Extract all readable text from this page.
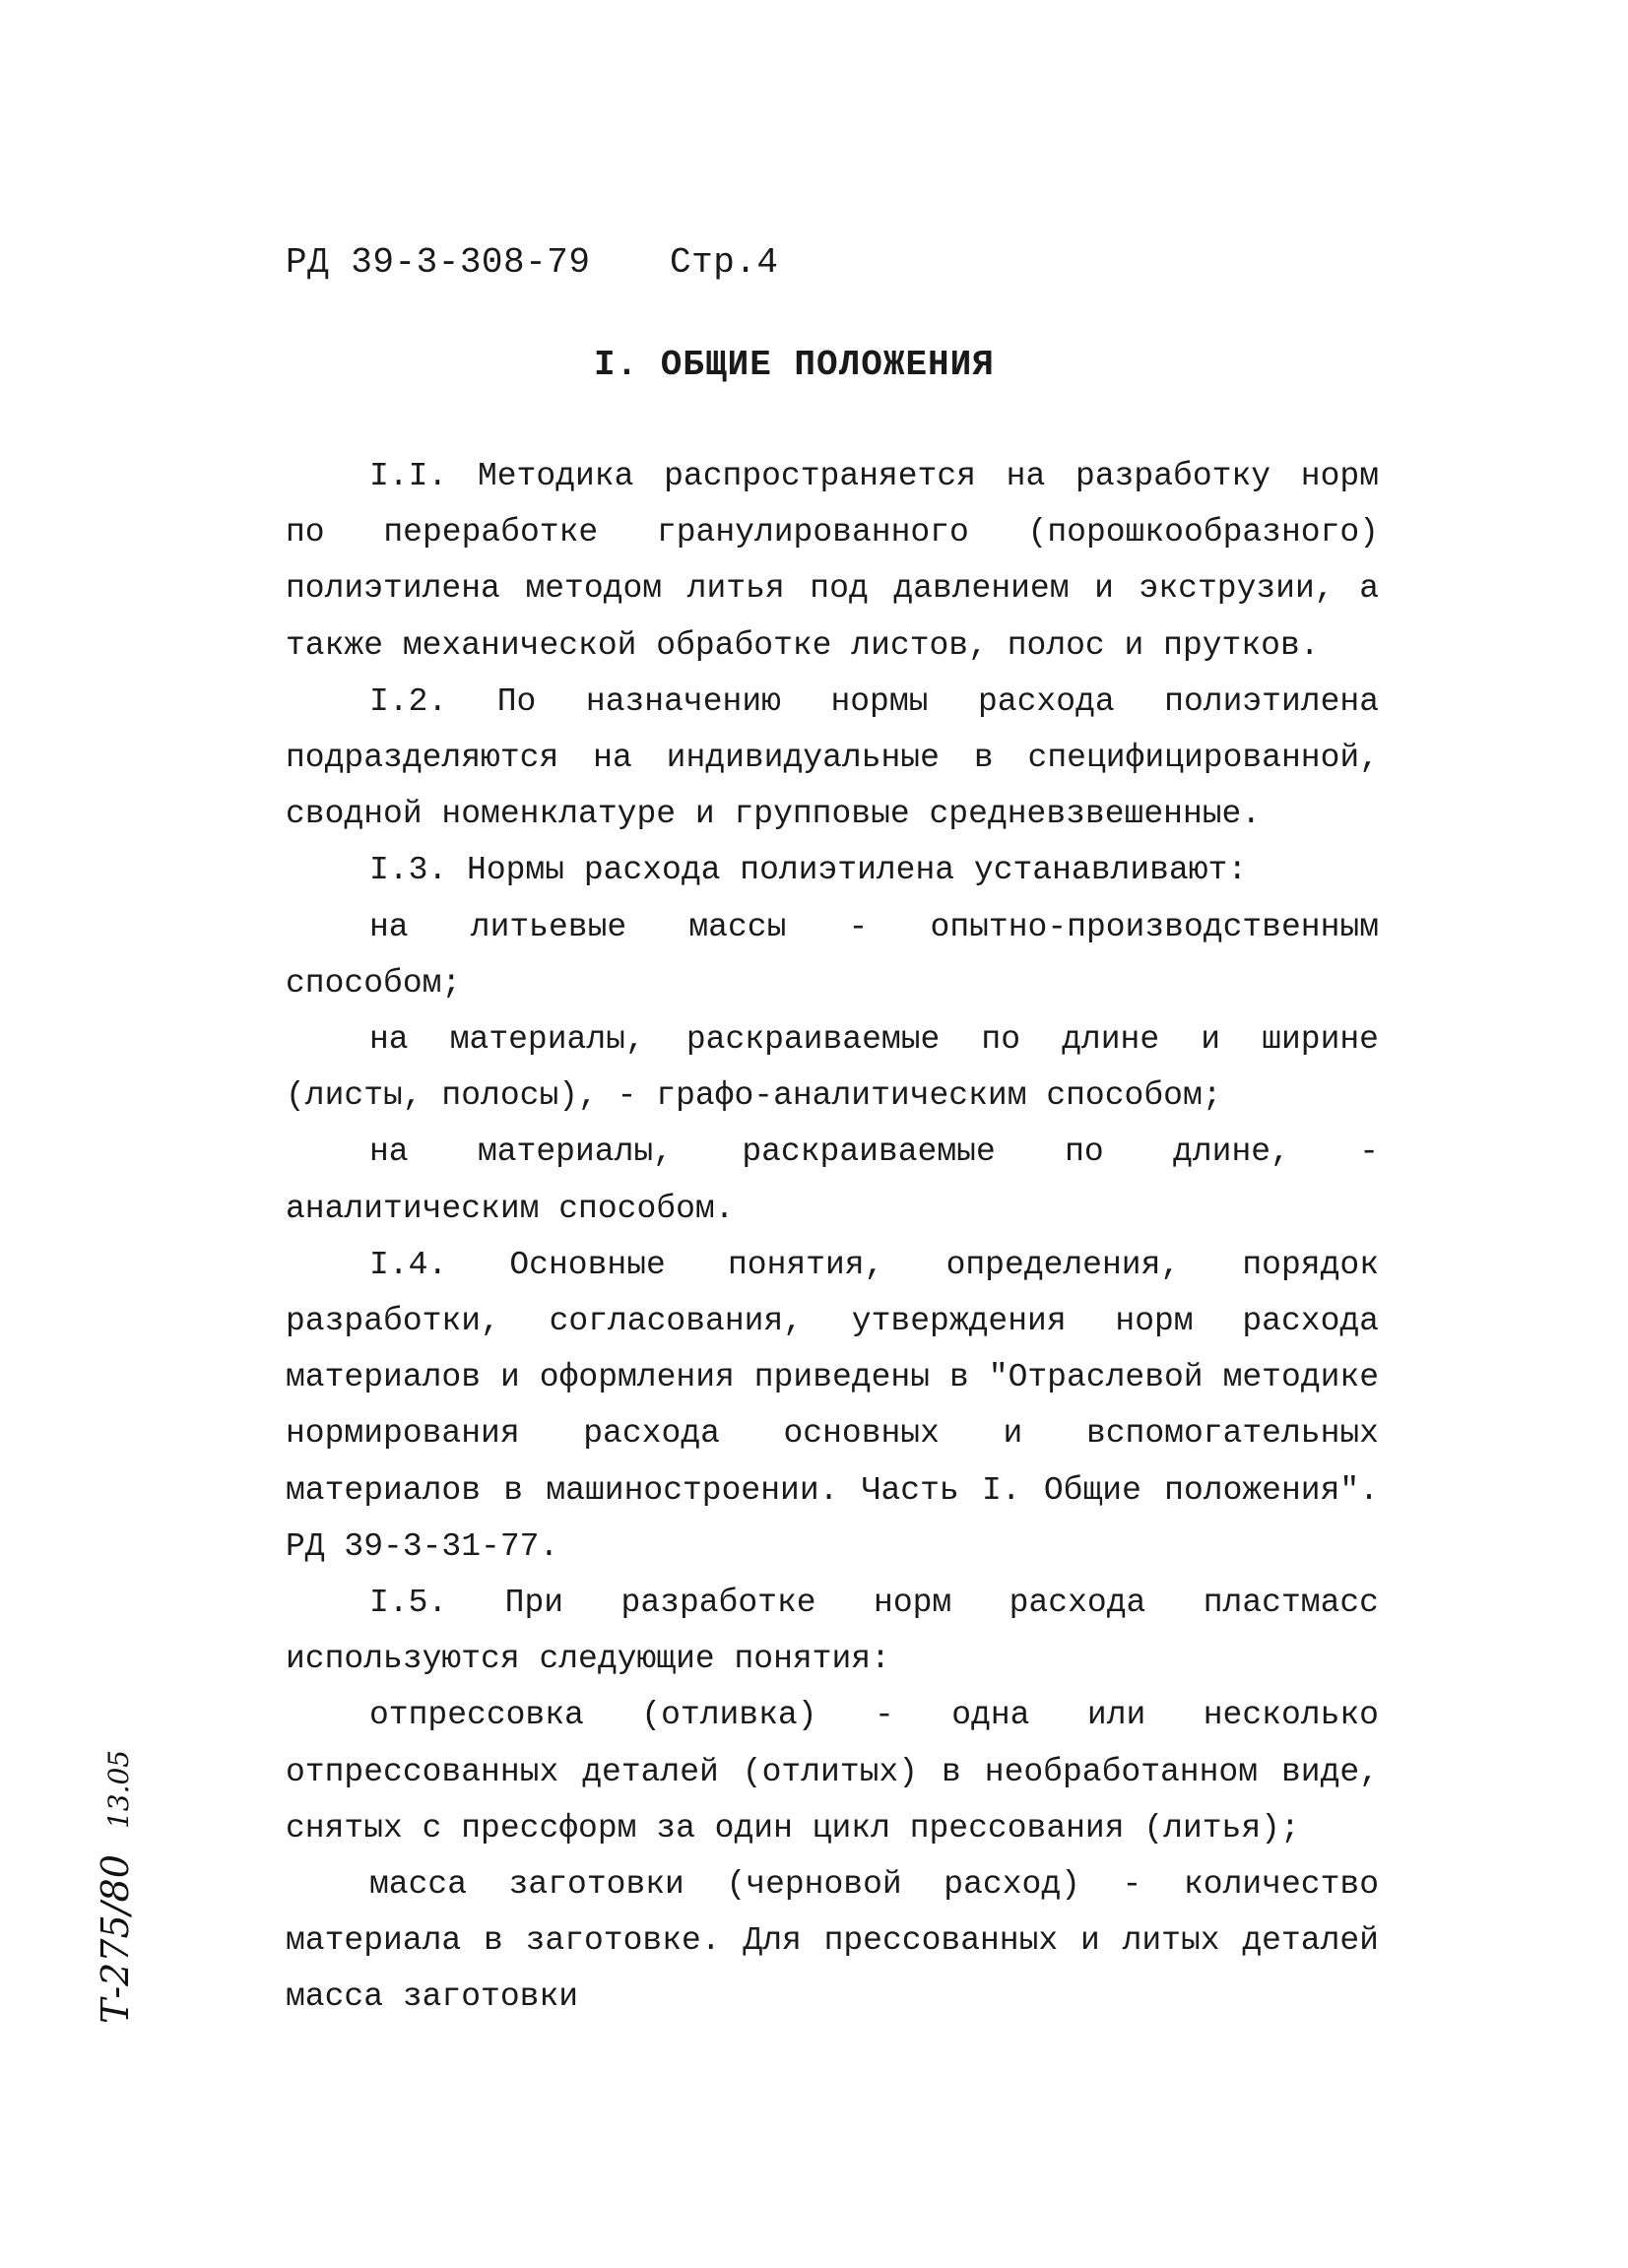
РД 39-3-308-79 Стр.4
I. ОБЩИЕ ПОЛОЖЕНИЯ

I.I. Методика распространяется на разработку норм по переработке гранулированного (порошкообразного) полиэтилена методом литья под давлением и экструзии, а также механической обработке листов, полос и прутков.

I.2. По назначению нормы расхода полиэтилена подразделяются на индивидуальные в специфицированной, сводной номенклатуре и групповые средневзвешенные.

I.3. Нормы расхода полиэтилена устанавливают:

на литьевые массы - опытно-производственным способом;

на материалы, раскраиваемые по длине и ширине (листы, полосы), - графо-аналитическим способом;

на материалы, раскраиваемые по длине, - аналитическим способом.

I.4. Основные понятия, определения, порядок разработки, согласования, утверждения норм расхода материалов и оформления приведены в "Отраслевой методике нормирования расхода основных и вспомогательных материалов в машиностроении. Часть I. Общие положения". РД 39-3-31-77.

I.5. При разработке норм расхода пластмасс используются следующие понятия:

отпрессовка (отливка) - одна или несколько отпрессованных деталей (отлитых) в необработанном виде, снятых с прессформ за один цикл прессования (литья);

масса заготовки (черновой расход) - количество материала в заготовке. Для прессованных и литых деталей масса заготовки

Т-275/80 13.05
